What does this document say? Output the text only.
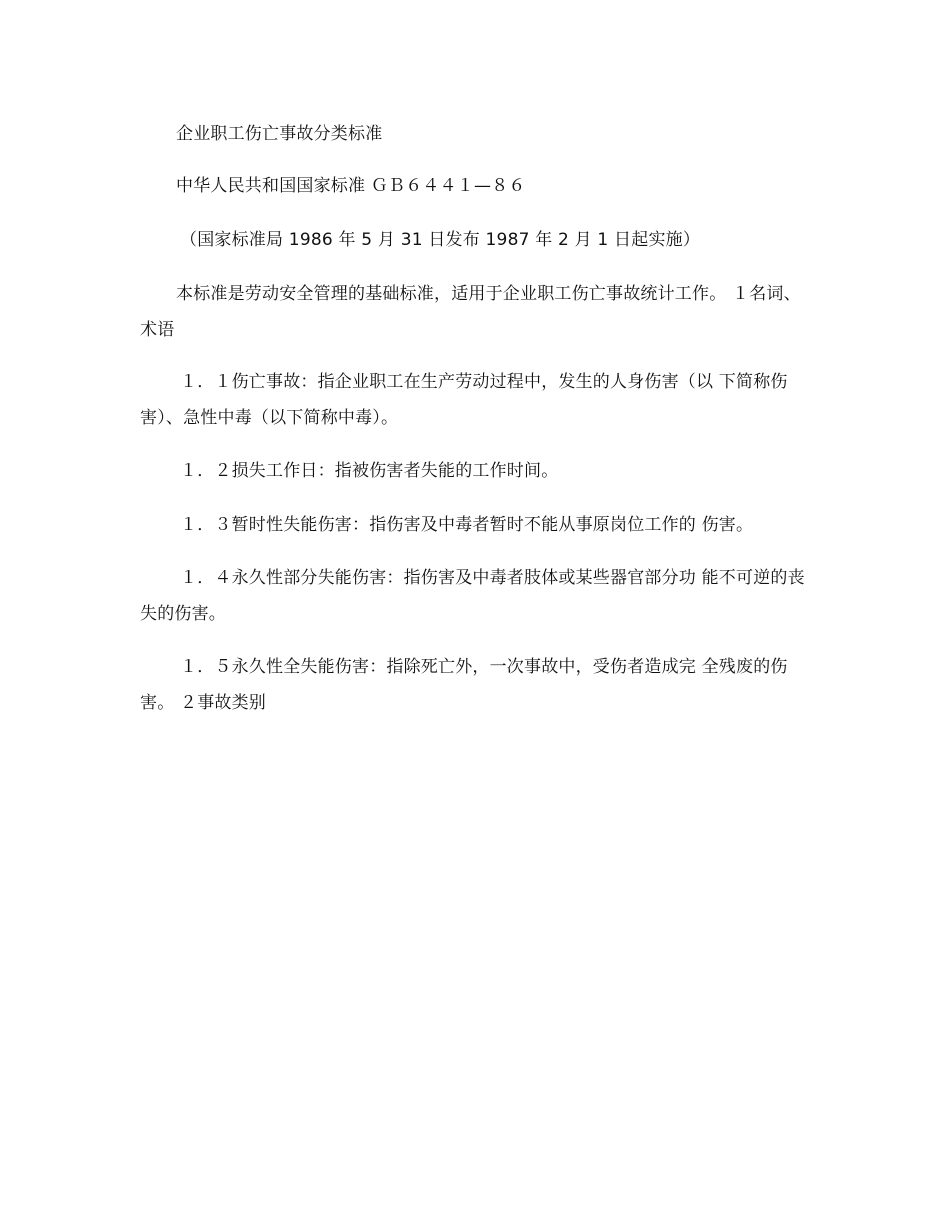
企业职工伤亡事故分类标准

中华人民共和国国家标准 ＧＢ６４４１—８６

（国家标准局 1986 年 5 月 31 日发布 1987 年 2 月 1 日起实施）

本标准是劳动安全管理的基础标准，适用于企业职工伤亡事故统计工作。 １名词、术语

１．１伤亡事故：指企业职工在生产劳动过程中，发生的人身伤害（以 下简称伤害）、急性中毒（以下简称中毒）。

１．２损失工作日：指被伤害者失能的工作时间。

１．３暂时性失能伤害：指伤害及中毒者暂时不能从事原岗位工作的 伤害。

１．４永久性部分失能伤害：指伤害及中毒者肢体或某些器官部分功 能不可逆的丧失的伤害。

１．５永久性全失能伤害：指除死亡外，一次事故中，受伤者造成完 全残废的伤害。 ２事故类别
